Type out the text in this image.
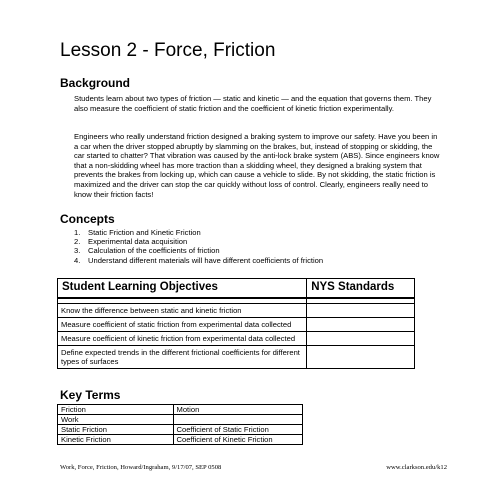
Lesson 2 - Force, Friction
Background

Students learn about two types of friction — static and kinetic — and the equation that governs them. They also measure the coefficient of static friction and the coefficient of kinetic friction experimentally.

Engineers who really understand friction designed a braking system to improve our safety. Have you been in a car when the driver stopped abruptly by slamming on the brakes, but, instead of stopping or skidding, the car started to chatter? That vibration was caused by the anti-lock brake system (ABS). Since engineers know that a non-skidding wheel has more traction than a skidding wheel, they designed a braking system that prevents the brakes from locking up, which can cause a vehicle to slide. By not skidding, the static friction is maximized and the driver can stop the car quickly without loss of control. Clearly, engineers really need to know their friction facts!

Concepts
1. Static Friction and Kinetic Friction
2. Experimental data acquisition
3. Calculation of the coefficients of friction
4. Understand different materials will have different coefficients of friction
Student Learning Objectives	NYS Standards

Know the difference between static and kinetic friction	
Measure coefficient of static friction from experimental data collected	
Measure coefficient of kinetic friction from experimental data collected	
Define expected trends in the different frictional coefficients for different types of surfaces	
Key Terms
Friction	Motion
Work	
Static Friction	Coefficient of Static Friction
Kinetic Friction	Coefficient of Kinetic Friction
Work, Force, Friction, Howard/Ingraham, 9/17/07, SEP 0508	www.clarkson.edu/k12
